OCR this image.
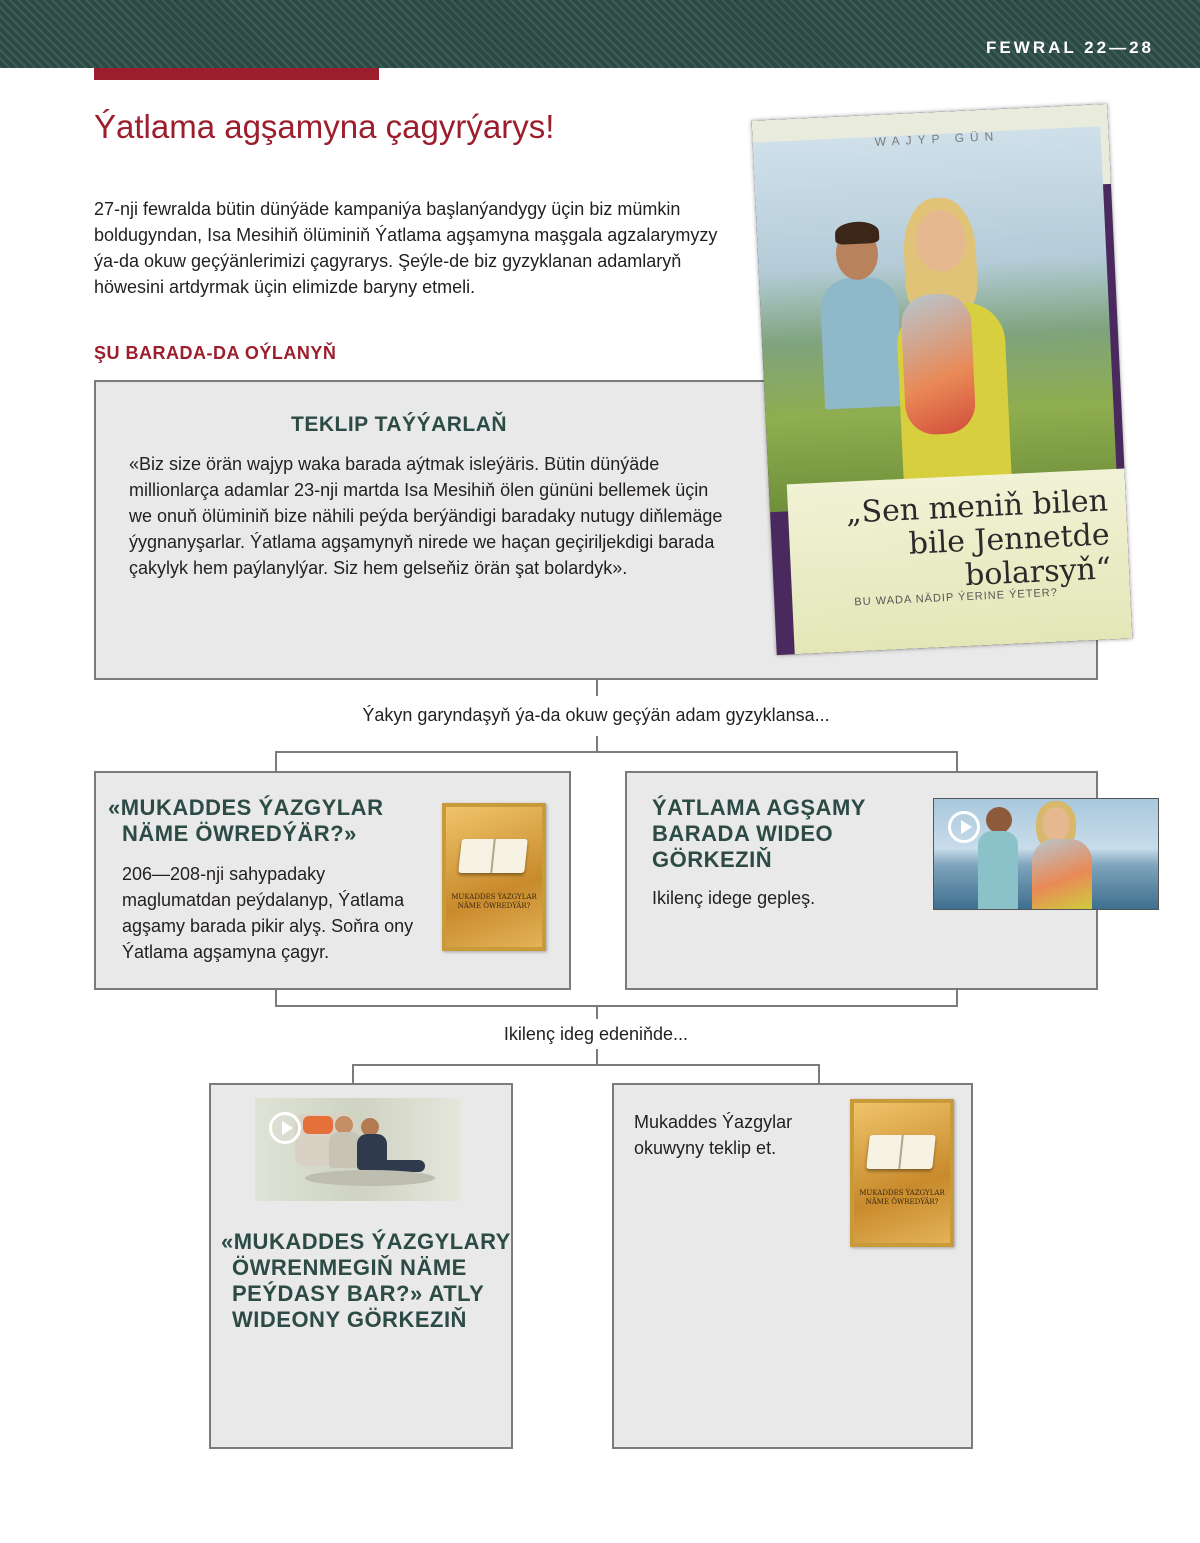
FEWRAL 22—28
Ýatlama agşamyna çagyrýarys!

27-nji fewralda bütin dünýäde kampaniýa başlanýandygy üçin biz mümkin boldugyndan, Isa Mesihiň ölüminiň Ýatlama agşamyna maşgala agzalarymyzy ýa-da okuw geçýänlerimizi çagyrarys. Şeýle-de biz gyzyklanan adamlaryň höwesini artdyrmak üçin elimizde baryny etmeli.

ŞU BARADA-DA OÝLANYŇ
TEKLIP TAÝÝARLAŇ

«Biz size örän wajyp waka barada aýtmak isleýäris. Bütin dünýäde millionlarça adamlar 23-nji martda Isa Mesihiň ölen gününi bellemek üçin we onuň ölüminiň bize nähili peýda berýändigi baradaky nutugy diňlemäge ýygnanyşarlar. Ýatlama agşamynyň nirede we haçan geçiriljekdigi barada çakylyk hem paýlanylýar. Siz hem gelseňiz örän şat bolardyk».

WAJYP GÜN
„Sen meniň bilen bile Jennetde bolarsyň“
BU WADA NÄDIP ÝERINE ÝETER?
Ýakyn garyndaşyň ýa-da okuw geçýän adam gyzyklansa...
«MUKADDES ÝAZGYLAR
NÄME ÖWREDÝÄR?»
206—208-nji sahypadaky maglumatdan peýdalanyp, Ýatlama agşamy barada pikir alyş. Soňra ony Ýatlama agşamyna çagyr.
MUKADDES ÝAZGYLAR NÄME ÖWREDÝÄR?
ÝATLAMA AGŞAMY BARADA WIDEO GÖRKEZIŇ
Ikilenç idege gepleş.
Ikilenç ideg edeniňde...
«MUKADDES ÝAZGYLARY
ÖWRENMEGIŇ NÄME
PEÝDASY BAR?» ATLY
WIDEONY GÖRKEZIŇ
Mukaddes Ýazgylar okuwyny teklip et.
MUKADDES ÝAZGYLAR NÄME ÖWREDÝÄR?
